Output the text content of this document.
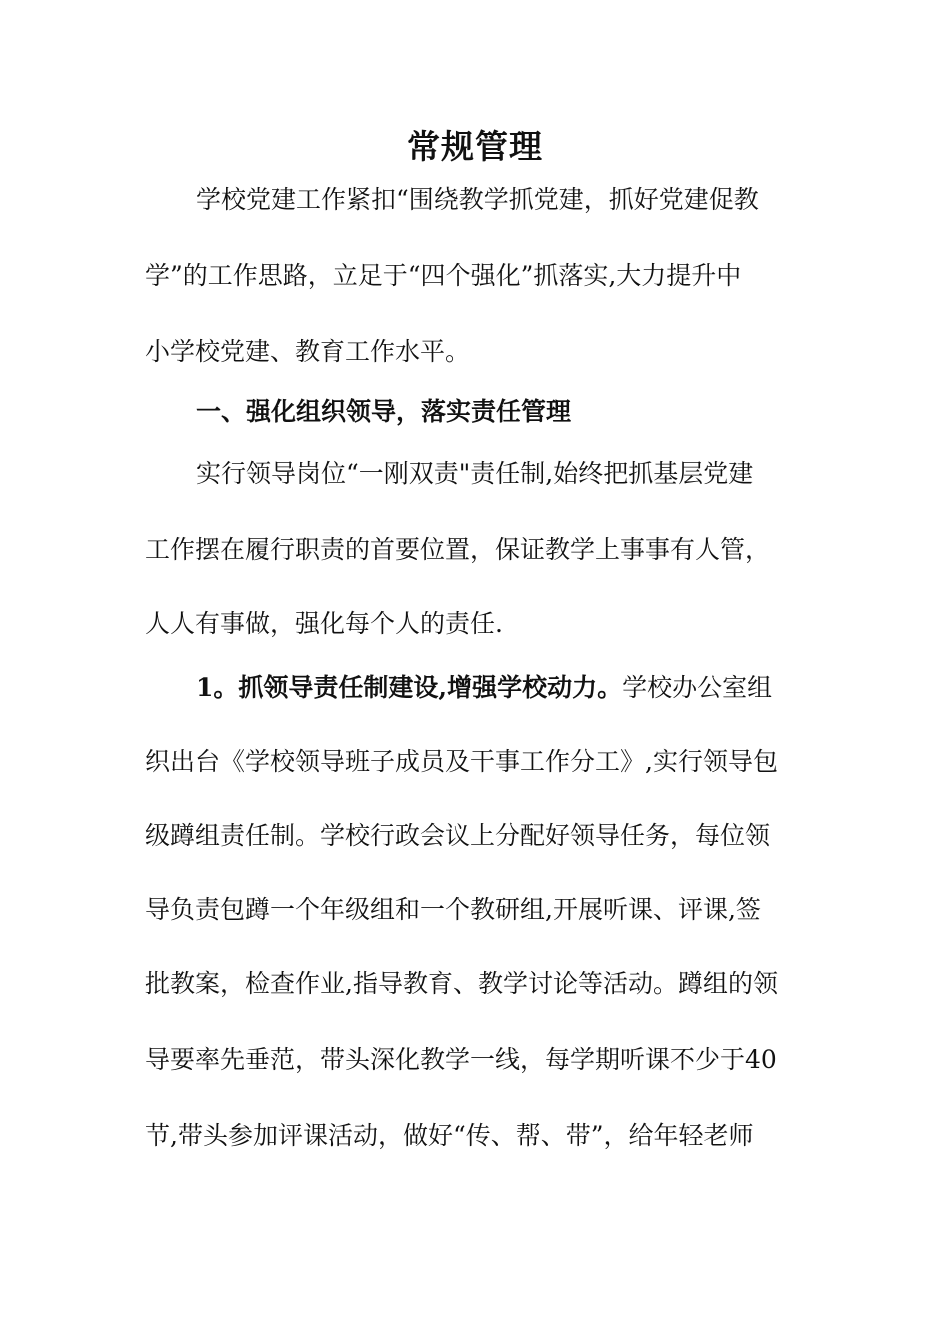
常规管理
学校党建工作紧扣“围绕教学抓党建，抓好党建促教
学”的工作思路，立足于“四个强化”抓落实,大力提升中
小学校党建、教育工作水平。
一、强化组织领导，落实责任管理
实行领导岗位“一刚双责"责任制,始终把抓基层党建
工作摆在履行职责的首要位置，保证教学上事事有人管，
人人有事做，强化每个人的责任.
1。抓领导责任制建设,增强学校动力。学校办公室组
织出台《学校领导班子成员及干事工作分工》,实行领导包
级蹲组责任制。学校行政会议上分配好领导任务，每位领
导负责包蹲一个年级组和一个教研组,开展听课、评课,签
批教案，检查作业,指导教育、教学讨论等活动。蹲组的领
导要率先垂范，带头深化教学一线，每学期听课不少于40
节,带头参加评课活动，做好“传、帮、带”，给年轻老师
